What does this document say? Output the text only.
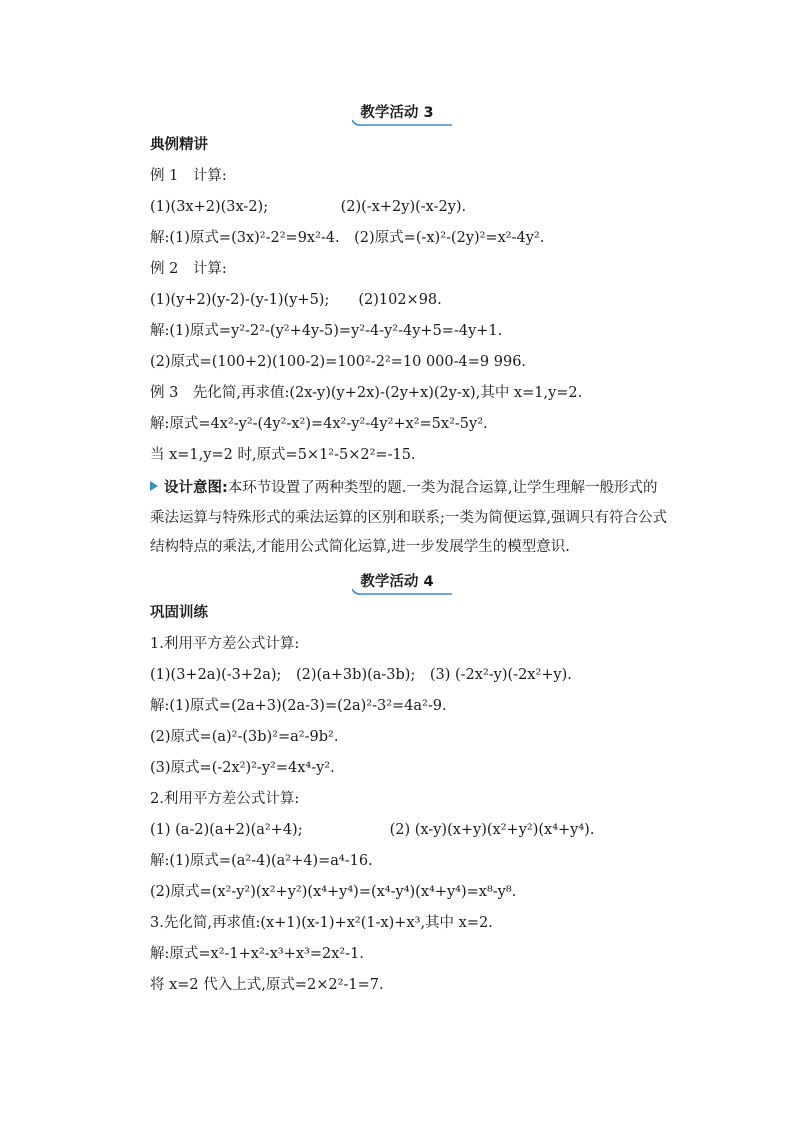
教学活动 3
典例精讲
例 1　计算:
(1)(3x+2)(3x-2);　　　　　(2)(-x+2y)(-x-2y).
解:(1)原式=(3x)²-2²=9x²-4.　(2)原式=(-x)²-(2y)²=x²-4y².
例 2　计算:
(1)(y+2)(y-2)-(y-1)(y+5);　　(2)102×98.
解:(1)原式=y²-2²-(y²+4y-5)=y²-4-y²-4y+5=-4y+1.
(2)原式=(100+2)(100-2)=100²-2²=10 000-4=9 996.
例 3　先化简,再求值:(2x-y)(y+2x)-(2y+x)(2y-x),其中 x=1,y=2.
解:原式=4x²-y²-(4y²-x²)=4x²-y²-4y²+x²=5x²-5y².
当 x=1,y=2 时,原式=5×1²-5×2²=-15.
设计意图:本环节设置了两种类型的题.一类为混合运算,让学生理解一般形式的乘法运算与特殊形式的乘法运算的区别和联系;一类为简便运算,强调只有符合公式结构特点的乘法,才能用公式简化运算,进一步发展学生的模型意识.
教学活动 4
巩固训练
1.利用平方差公式计算:
(1)(3+2a)(-3+2a);　(2)(a+3b)(a-3b);　(3) (-2x²-y)(-2x²+y).
解:(1)原式=(2a+3)(2a-3)=(2a)²-3²=4a²-9.
(2)原式=(a)²-(3b)²=a²-9b².
(3)原式=(-2x²)²-y²=4x⁴-y².
2.利用平方差公式计算:
(1) (a-2)(a+2)(a²+4);　　　　　　(2) (x-y)(x+y)(x²+y²)(x⁴+y⁴).
解:(1)原式=(a²-4)(a²+4)=a⁴-16.
(2)原式=(x²-y²)(x²+y²)(x⁴+y⁴)=(x⁴-y⁴)(x⁴+y⁴)=x⁸-y⁸.
3.先化简,再求值:(x+1)(x-1)+x²(1-x)+x³,其中 x=2.
解:原式=x²-1+x²-x³+x³=2x²-1.
将 x=2 代入上式,原式=2×2²-1=7.
